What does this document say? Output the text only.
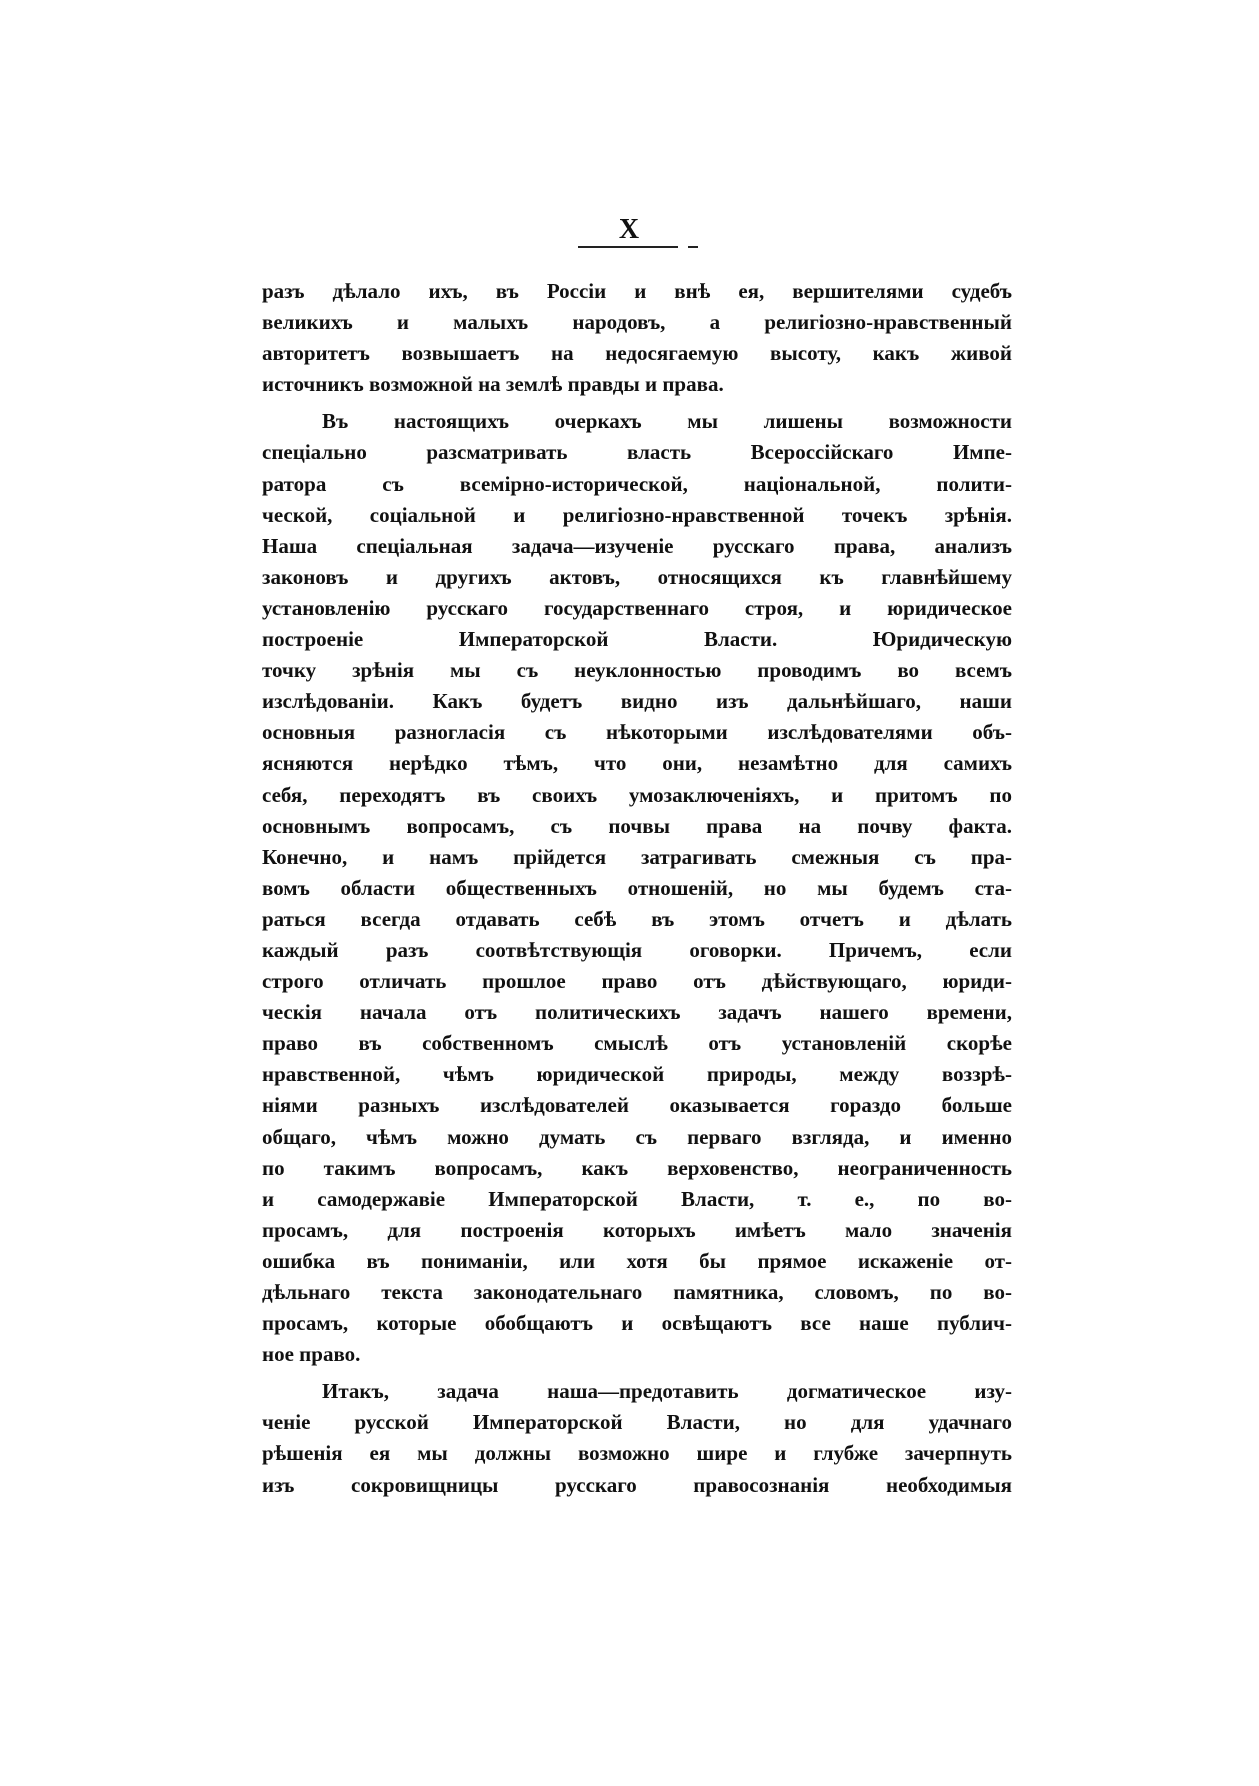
X
разъ дѣлало ихъ, въ Россіи и внѣ ея, вершителями судебъ
великихъ и малыхъ народовъ, а религіозно-нравственный
авторитетъ возвышаетъ на недосягаемую высоту, какъ живой
источникъ возможной на землѣ правды и права.
Въ настоящихъ очеркахъ мы лишены возможности
спеціально разсматривать власть Всероссійскаго Импе-
ратора съ всемірно-исторической, національной, полити-
ческой, соціальной и религіозно-нравственной точекъ зрѣнія.
Наша спеціальная задача—изученіе русскаго права, анализъ
законовъ и другихъ актовъ, относящихся къ главнѣйшему
установленію русскаго государственнаго строя, и юридическое
построеніе Императорской Власти. Юридическую
точку зрѣнія мы съ неуклонностью проводимъ во всемъ
изслѣдованіи. Какъ будетъ видно изъ дальнѣйшаго, наши
основныя разногласія съ нѣкоторыми изслѣдователями объ-
ясняются нерѣдко тѣмъ, что они, незамѣтно для самихъ
себя, переходятъ въ своихъ умозаключеніяхъ, и притомъ по
основнымъ вопросамъ, съ почвы права на почву факта.
Конечно, и намъ прійдется затрагивать смежныя съ пра-
вомъ области общественныхъ отношеній, но мы будемъ ста-
раться всегда отдавать себѣ въ этомъ отчетъ и дѣлать
каждый разъ соотвѣтствующія оговорки. Причемъ, если
строго отличать прошлое право отъ дѣйствующаго, юриди-
ческія начала отъ политическихъ задачъ нашего времени,
право въ собственномъ смыслѣ отъ установленій скорѣе
нравственной, чѣмъ юридической природы, между воззрѣ-
ніями разныхъ изслѣдователей оказывается гораздо больше
общаго, чѣмъ можно думать съ перваго взгляда, и именно
по такимъ вопросамъ, какъ верховенство, неограниченность
и самодержавіе Императорской Власти, т. е., по во-
просамъ, для построенія которыхъ имѣетъ мало значенія
ошибка въ пониманіи, или хотя бы прямое искаженіе от-
дѣльнаго текста законодательнаго памятника, словомъ, по во-
просамъ, которые обобщаютъ и освѣщаютъ все наше публич-
ное право.
Итакъ, задача наша—предотавить догматическое изу-
ченіе русской Императорской Власти, но для удачнаго
рѣшенія ея мы должны возможно шире и глубже зачерпнуть
изъ сокровищницы русскаго правосознанія необходимыя
